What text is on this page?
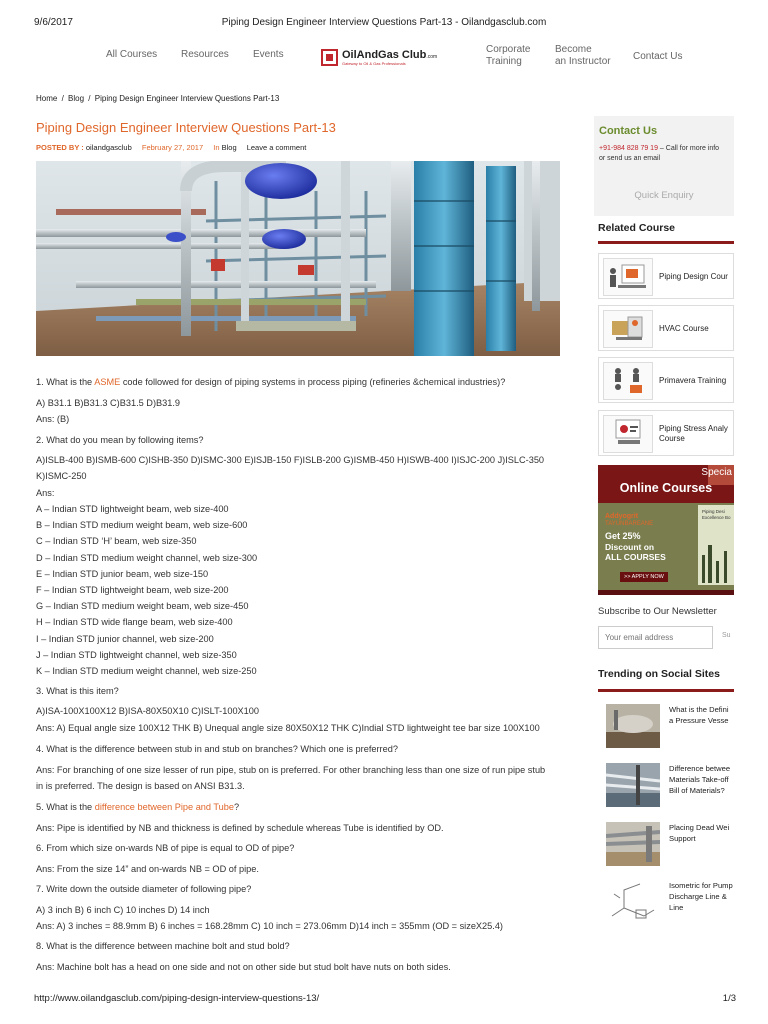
9/6/2017	Piping Design Engineer Interview Questions Part-13 - Oilandgasclub.com
All Courses Resources Events	Corporate
Training
Become
an Instructor Contact Us
OilAndGas Club.com
Gateway to Oil & Gas Professionals
Home / Blog / Piping Design Engineer Interview Questions Part-13
Piping Design Engineer Interview Questions Part-13
POSTED BY : oilandgasclub February 27, 2017 In Blog Leave a comment
1. What is the ASME code followed for design of piping systems in process piping (refineries &chemical industries)?
A) B31.1 B)B31.3 C)B31.5 D)B31.9
Ans: (B)
2. What do you mean by following items?
A)ISLB-400 B)ISMB-600 C)ISHB-350 D)ISMC-300 E)ISJB-150 F)ISLB-200 G)ISMB-450 H)ISWB-400 I)ISJC-200 J)ISLC-350
K)ISMC-250
Ans:
A – Indian STD lightweight beam, web size-400
B – Indian STD medium weight beam, web size-600
C – Indian STD ‘H’ beam, web size-350
D – Indian STD medium weight channel, web size-300
E – Indian STD junior beam, web size-150
F – Indian STD lightweight beam, web size-200
G – Indian STD medium weight beam, web size-450
H – Indian STD wide flange beam, web size-400
I – Indian STD junior channel, web size-200
J – Indian STD lightweight channel, web size-350
K – Indian STD medium weight channel, web size-250
3. What is this item?
A)ISA-100X100X12 B)ISA-80X50X10 C)ISLT-100X100
Ans: A) Equal angle size 100X12 THK B) Unequal angle size 80X50X12 THK C)Indial STD lightweight tee bar size 100X100
4. What is the difference between stub in and stub on branches? Which one is preferred?
Ans: For branching of one size lesser of run pipe, stub on is preferred. For other branching less than one size of run pipe stub
in is preferred. The design is based on ANSI B31.3.
5. What is the difference between Pipe and Tube?
Ans: Pipe is identified by NB and thickness is defined by schedule whereas Tube is identified by OD.
6. From which size on-wards NB of pipe is equal to OD of pipe?
Ans: From the size 14” and on-wards NB = OD of pipe.
7. Write down the outside diameter of following pipe?
A) 3 inch B) 6 inch C) 10 inches D) 14 inch
Ans: A) 3 inches = 88.9mm B) 6 inches = 168.28mm C) 10 inch = 273.06mm D)14 inch = 355mm (OD = sizeX25.4)
8. What is the difference between machine bolt and stud bold?
Ans: Machine bolt has a head on one side and not on other side but stud bolt have nuts on both sides.
Contact Us
+91-984 828 79 19 – Call for more info
or send us an email
Quick Enquiry
Related Course
Piping Design Cour
HVAC Course
Primavera Training
Piping Stress Analy
Course
Specia
Online Courses
Addyogrit
TAYUNBAREANE
Get 25%
Discount on
ALL COURSES
>> APPLY NOW
Piping Desi
Excellence Bo
Subscribe to Our Newsletter
Your email address
Su
Trending on Social Sites
What is the Defini
a Pressure Vesse
Difference betwee
Materials Take-off
Bill of Materials?
Placing Dead Wei
Support
Isometric for Pump
Discharge Line &
Line
http://www.oilandgasclub.com/piping-design-interview-questions-13/	1/3
